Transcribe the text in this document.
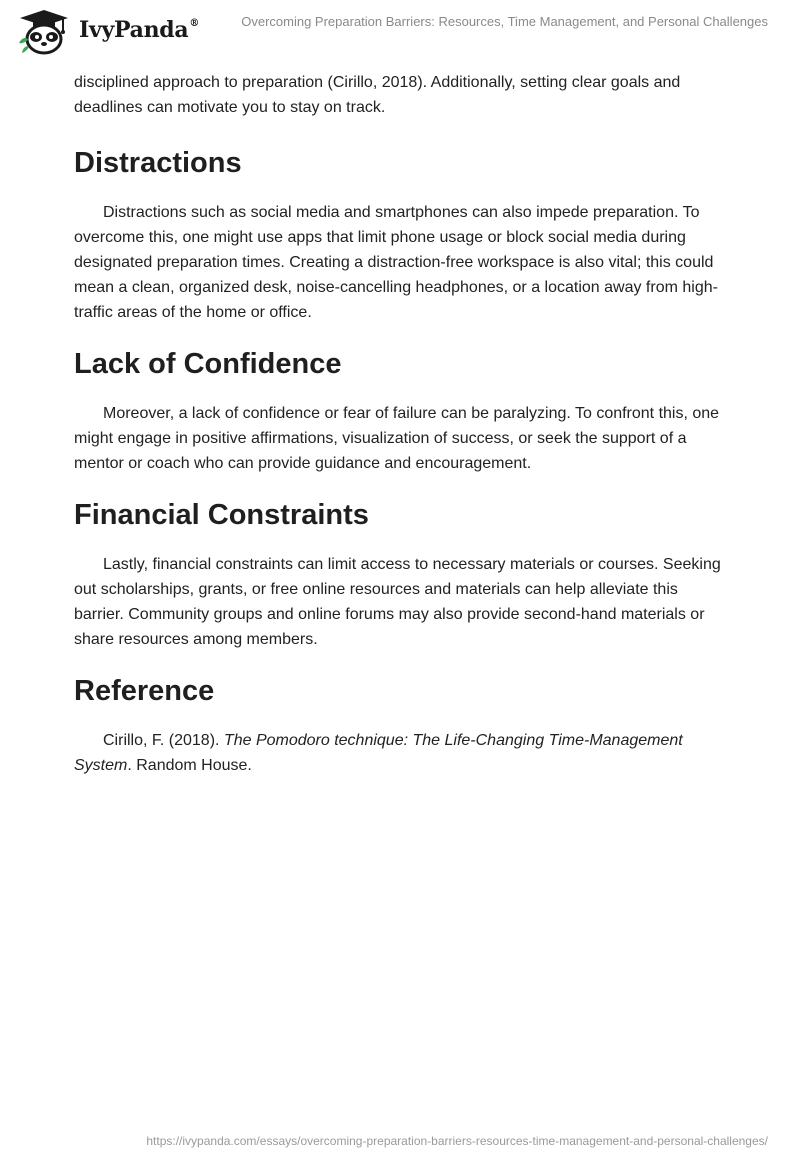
IvyPanda®	Overcoming Preparation Barriers: Resources, Time Management, and Personal Challenges

disciplined approach to preparation (Cirillo, 2018). Additionally, setting clear goals and deadlines can motivate you to stay on track.

Distractions

Distractions such as social media and smartphones can also impede preparation. To overcome this, one might use apps that limit phone usage or block social media during designated preparation times. Creating a distraction-free workspace is also vital; this could mean a clean, organized desk, noise-cancelling headphones, or a location away from high-traffic areas of the home or office.

Lack of Confidence

Moreover, a lack of confidence or fear of failure can be paralyzing. To confront this, one might engage in positive affirmations, visualization of success, or seek the support of a mentor or coach who can provide guidance and encouragement.

Financial Constraints

Lastly, financial constraints can limit access to necessary materials or courses. Seeking out scholarships, grants, or free online resources and materials can help alleviate this barrier. Community groups and online forums may also provide second-hand materials or share resources among members.

Reference

Cirillo, F. (2018). The Pomodoro technique: The Life-Changing Time-Management System. Random House.

https://ivypanda.com/essays/overcoming-preparation-barriers-resources-time-management-and-personal-challenges/
